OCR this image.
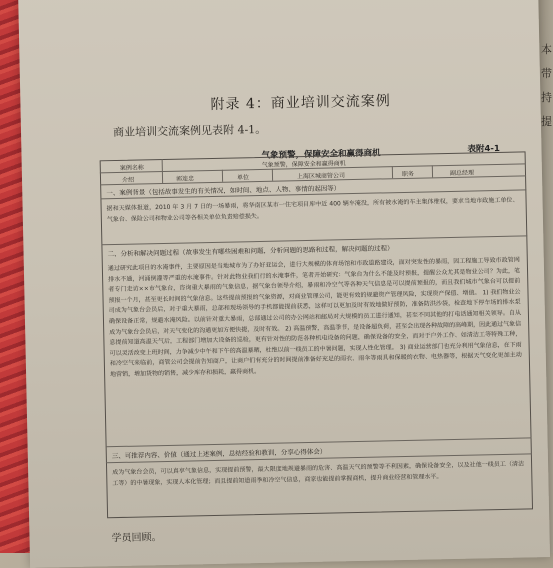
本
带
持
提
附录 4：商业培训交流案例
商业培训交流案例见表附 4-1。
气象预警，保障安全和赢得商机	表附4-1
案例名称	气象预警，保障安全和赢得商机
介绍	郭连忠	单位	上海区城商管公司	职务	副总经理
一、案例背景（包括故事发生的有关情况，如时间、地点、人物、事情的起因等）

据和天媒体报道，2010 年 3 月 7 日的一场暴雨，将华南区某市一住宅项目库中近 400 辆车淹没，所有被水淹的车主集体维权，要求当地市政施工单位、气象台、保险公司和物业公司等各相关单位负责赔偿损失。

二、分析和解决问题过程（故事发生有哪些困难和问题，分析问题的思路和过程，解决问题的过程）

通过研究此项目的水淹事件，主要原因是当地城市为了办好亚运会，进行大规模的体育场馆和市政道路建设，面对突发性的暴雨，因工程施工导致市政管网排水不通，河涌倒灌等严重的水淹事件。针对此物业我们行的水淹事件，笔者开始研究：气象台为什么不能及时预报，提醒公众尤其是物业公司？为此，笔者专门走访××市气象台，咨询重大暴雨的气象信息，据气象台领导介绍，暴雨和冷空气等各种天气信息是可以提前预报的，而且我们城市气象台可以提前预报一个月，甚至更长时间的气象信息。这些提前预报的气象资源，对商业管理公司，能更有效的规避资产管理风险，实现资产保值、增值。 1) 我们物业公司成为气象台会员后，对于重大暴雨，总部和现场领导的手机都能提前获悉，这样可以更加及时有效地做好预防，准备防洪沙袋，检查地下停车场的排水泵确保设备正常，规避水淹风险。以前针对重大暴雨，总部通过公司的办公网站和邮局对大规模的员工进行通知，甚至不同其他的打电话通知相关领导。自从成为气象台会员后，对天气变化的沟通更加方便快捷，及时有效。 2) 高温预警，高温季节，是设备超负荷，甚至会出现各种故障的高峰期，因此通过气象信息提前知道高温天气后，工程部门增加大设备的巡检，更有针对性的防范各种机电设备的问题，确保设备的安全，而对于户外工作、如清洁工等特殊工种，可以灵活改变上班时间，力争减少中午和下午的高温暴晒，杜绝以前一线员工的中暑问题，实现人性化管理。 3) 商业运营部门也充分利用气象信息，在下雨和冷空气来临前，商管公司会提前告知商户，让商户们有充分的时间提前准备好充足的雨衣、雨伞等雨具和保暖的衣物、电热器等，根据天气变化更加主动地营销，增加货物的销售，减少库存和损耗，赢得商机。

三、可推荐内容、价值（通过上述案例，总结经验和教训，分享心得体会）

成为气象台会员，可以真享气象信息，实现提前预警，最大限度地规避暴雨的危害、高温天气的预警等不利因素，确保设备安全，以及社他一线员工（清洁工等）的中暑现象，实现人本化管理；而且提前知道雨季和冷空气信息，商家也能提前掌握商机，提升商业经营和管理水平。

学员回顾。
